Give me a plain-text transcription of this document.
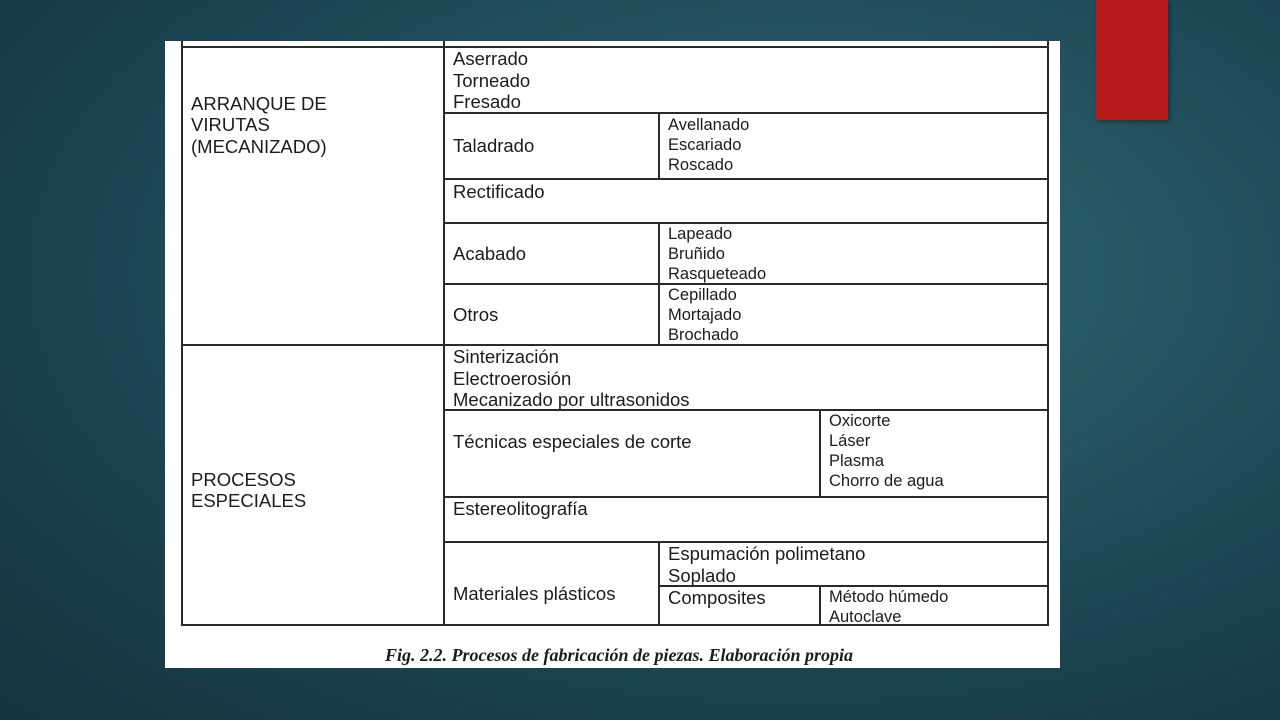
ARRANQUE DE
VIRUTAS
(MECANIZADO)
Aserrado
Torneado
Fresado
Taladrado
Avellanado
Escariado
Roscado
Rectificado
Acabado
Lapeado
Bruñido
Rasqueteado
Otros
Cepillado
Mortajado
Brochado
PROCESOS
ESPECIALES
Sinterización
Electroerosión
Mecanizado por ultrasonidos
Técnicas especiales de corte
Oxicorte
Láser
Plasma
Chorro de agua
Estereolitografía
Materiales plásticos
Espumación polimetano
Soplado
Composites	Método húmedo
Autoclave
Fig. 2.2. Procesos de fabricación de piezas. Elaboración propia
